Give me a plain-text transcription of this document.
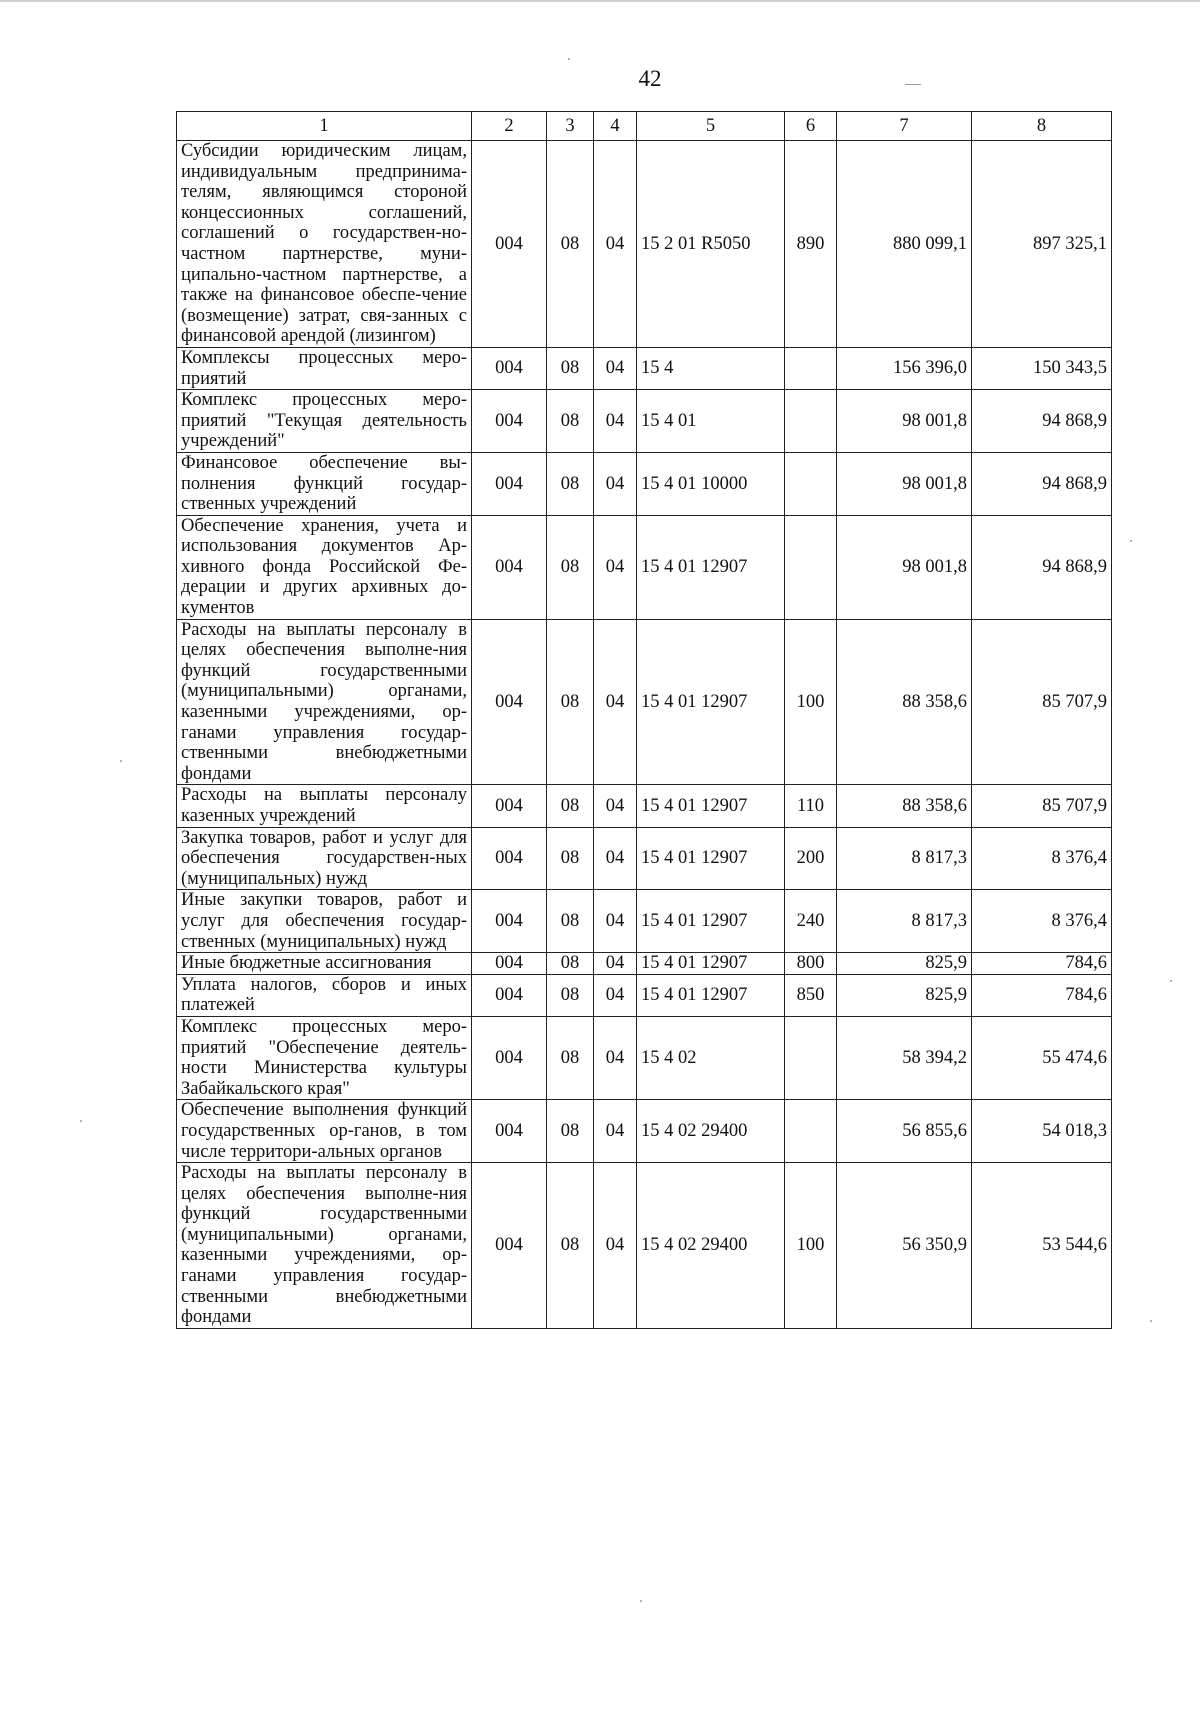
42
1	2	3	4	5	6	7	8
Субсидии юридическим лицам, индивидуальным предпринима-телям, являющимся стороной концессионных соглашений, соглашений о государствен-но-частном партнерстве, муни-ципально-частном партнерстве, а также на финансовое обеспе-чение (возмещение) затрат, свя-занных с финансовой арендой (лизингом)	004	08	04	15 2 01 R5050	890	880 099,1	897 325,1
Комплексы процессных меро-приятий	004	08	04	15 4		156 396,0	150 343,5
Комплекс процессных меро-приятий "Текущая деятельность учреждений"	004	08	04	15 4 01		98 001,8	94 868,9
Финансовое обеспечение вы-полнения функций государ-ственных учреждений	004	08	04	15 4 01 10000		98 001,8	94 868,9
Обеспечение хранения, учета и использования документов Ар-хивного фонда Российской Фе-дерации и других архивных до-кументов	004	08	04	15 4 01 12907		98 001,8	94 868,9
Расходы на выплаты персоналу в целях обеспечения выполне-ния функций государственными (муниципальными) органами, казенными учреждениями, ор-ганами управления государ-ственными внебюджетными фондами	004	08	04	15 4 01 12907	100	88 358,6	85 707,9
Расходы на выплаты персоналу казенных учреждений	004	08	04	15 4 01 12907	110	88 358,6	85 707,9
Закупка товаров, работ и услуг для обеспечения государствен-ных (муниципальных) нужд	004	08	04	15 4 01 12907	200	8 817,3	8 376,4
Иные закупки товаров, работ и услуг для обеспечения государ-ственных (муниципальных) нужд	004	08	04	15 4 01 12907	240	8 817,3	8 376,4
Иные бюджетные ассигнования	004	08	04	15 4 01 12907	800	825,9	784,6
Уплата налогов, сборов и иных платежей	004	08	04	15 4 01 12907	850	825,9	784,6
Комплекс процессных меро-приятий "Обеспечение деятель-ности Министерства культуры Забайкальского края"	004	08	04	15 4 02		58 394,2	55 474,6
Обеспечение выполнения функций государственных ор-ганов, в том числе территори-альных органов	004	08	04	15 4 02 29400		56 855,6	54 018,3
Расходы на выплаты персоналу в целях обеспечения выполне-ния функций государственными (муниципальными) органами, казенными учреждениями, ор-ганами управления государ-ственными внебюджетными фондами	004	08	04	15 4 02 29400	100	56 350,9	53 544,6
